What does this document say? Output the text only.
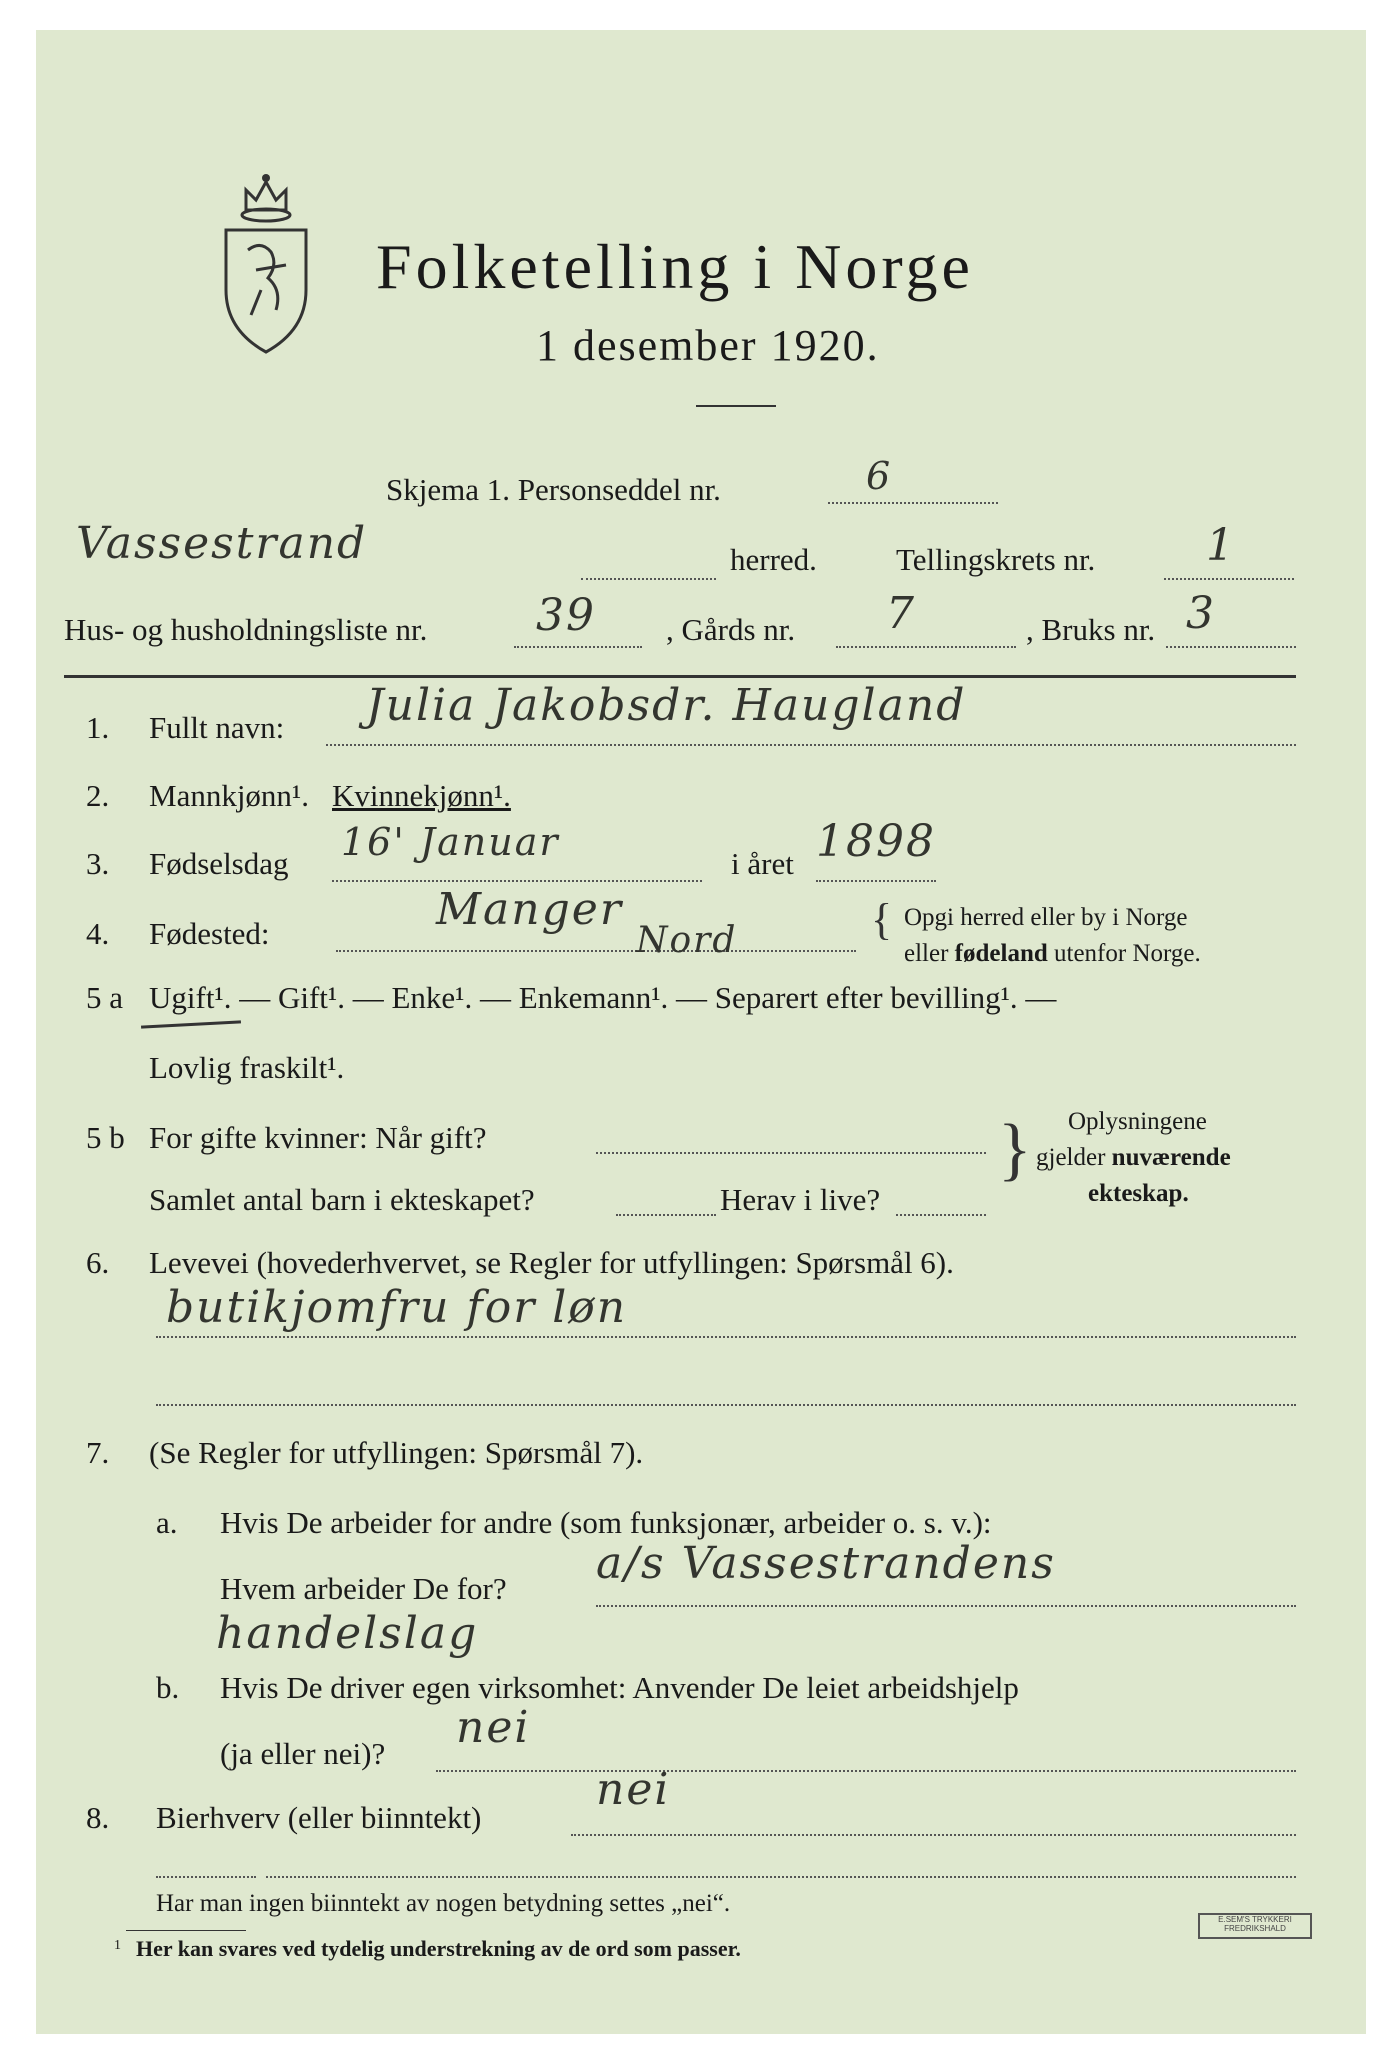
Folketelling i Norge
1 desember 1920.
Skjema 1. Personseddel nr.	6
Vassestrand	herred.	Tellingskrets nr.	1
Hus- og husholdningsliste nr. 39 , Gårds nr. 7	, Bruks nr. 3
1. Fullt navn: Julia Jakobsdr. Haugland
2. Mannkjønn¹. Kvinnekjønn¹.
3. Fødselsdag 16' Januar	i året 1898
4. Fødested:	Manger
Nord	{ Opgi herred eller by i Norge
eller fødeland utenfor Norge.
5 a Ugift¹. — Gift¹. — Enke¹. — Enkemann¹. — Separert efter bevilling¹. —
Lovlig fraskilt¹.
5 b For gifte kvinner: Når gift?
Samlet antal barn i ekteskapet?	Herav i live?
} Oplysningene
gjelder nuværende
ekteskap.
6. Levevei (hovederhvervet, se Regler for utfyllingen: Spørsmål 6).
butikjomfru for løn
7. (Se Regler for utfyllingen: Spørsmål 7).
a. Hvis De arbeider for andre (som funksjonær, arbeider o. s. v.):
Hvem arbeider De for? a/s Vassestrandens
handelslag
b. Hvis De driver egen virksomhet: Anvender De leiet arbeidshjelp
(ja eller nei)?
nei
8. Bierhverv (eller biinntekt)
nei
Har man ingen biinntekt av nogen betydning settes „nei“.
1 Her kan svares ved tydelig understrekning av de ord som passer.
E.SEM'S TRYKKERI FREDRIKSHALD
